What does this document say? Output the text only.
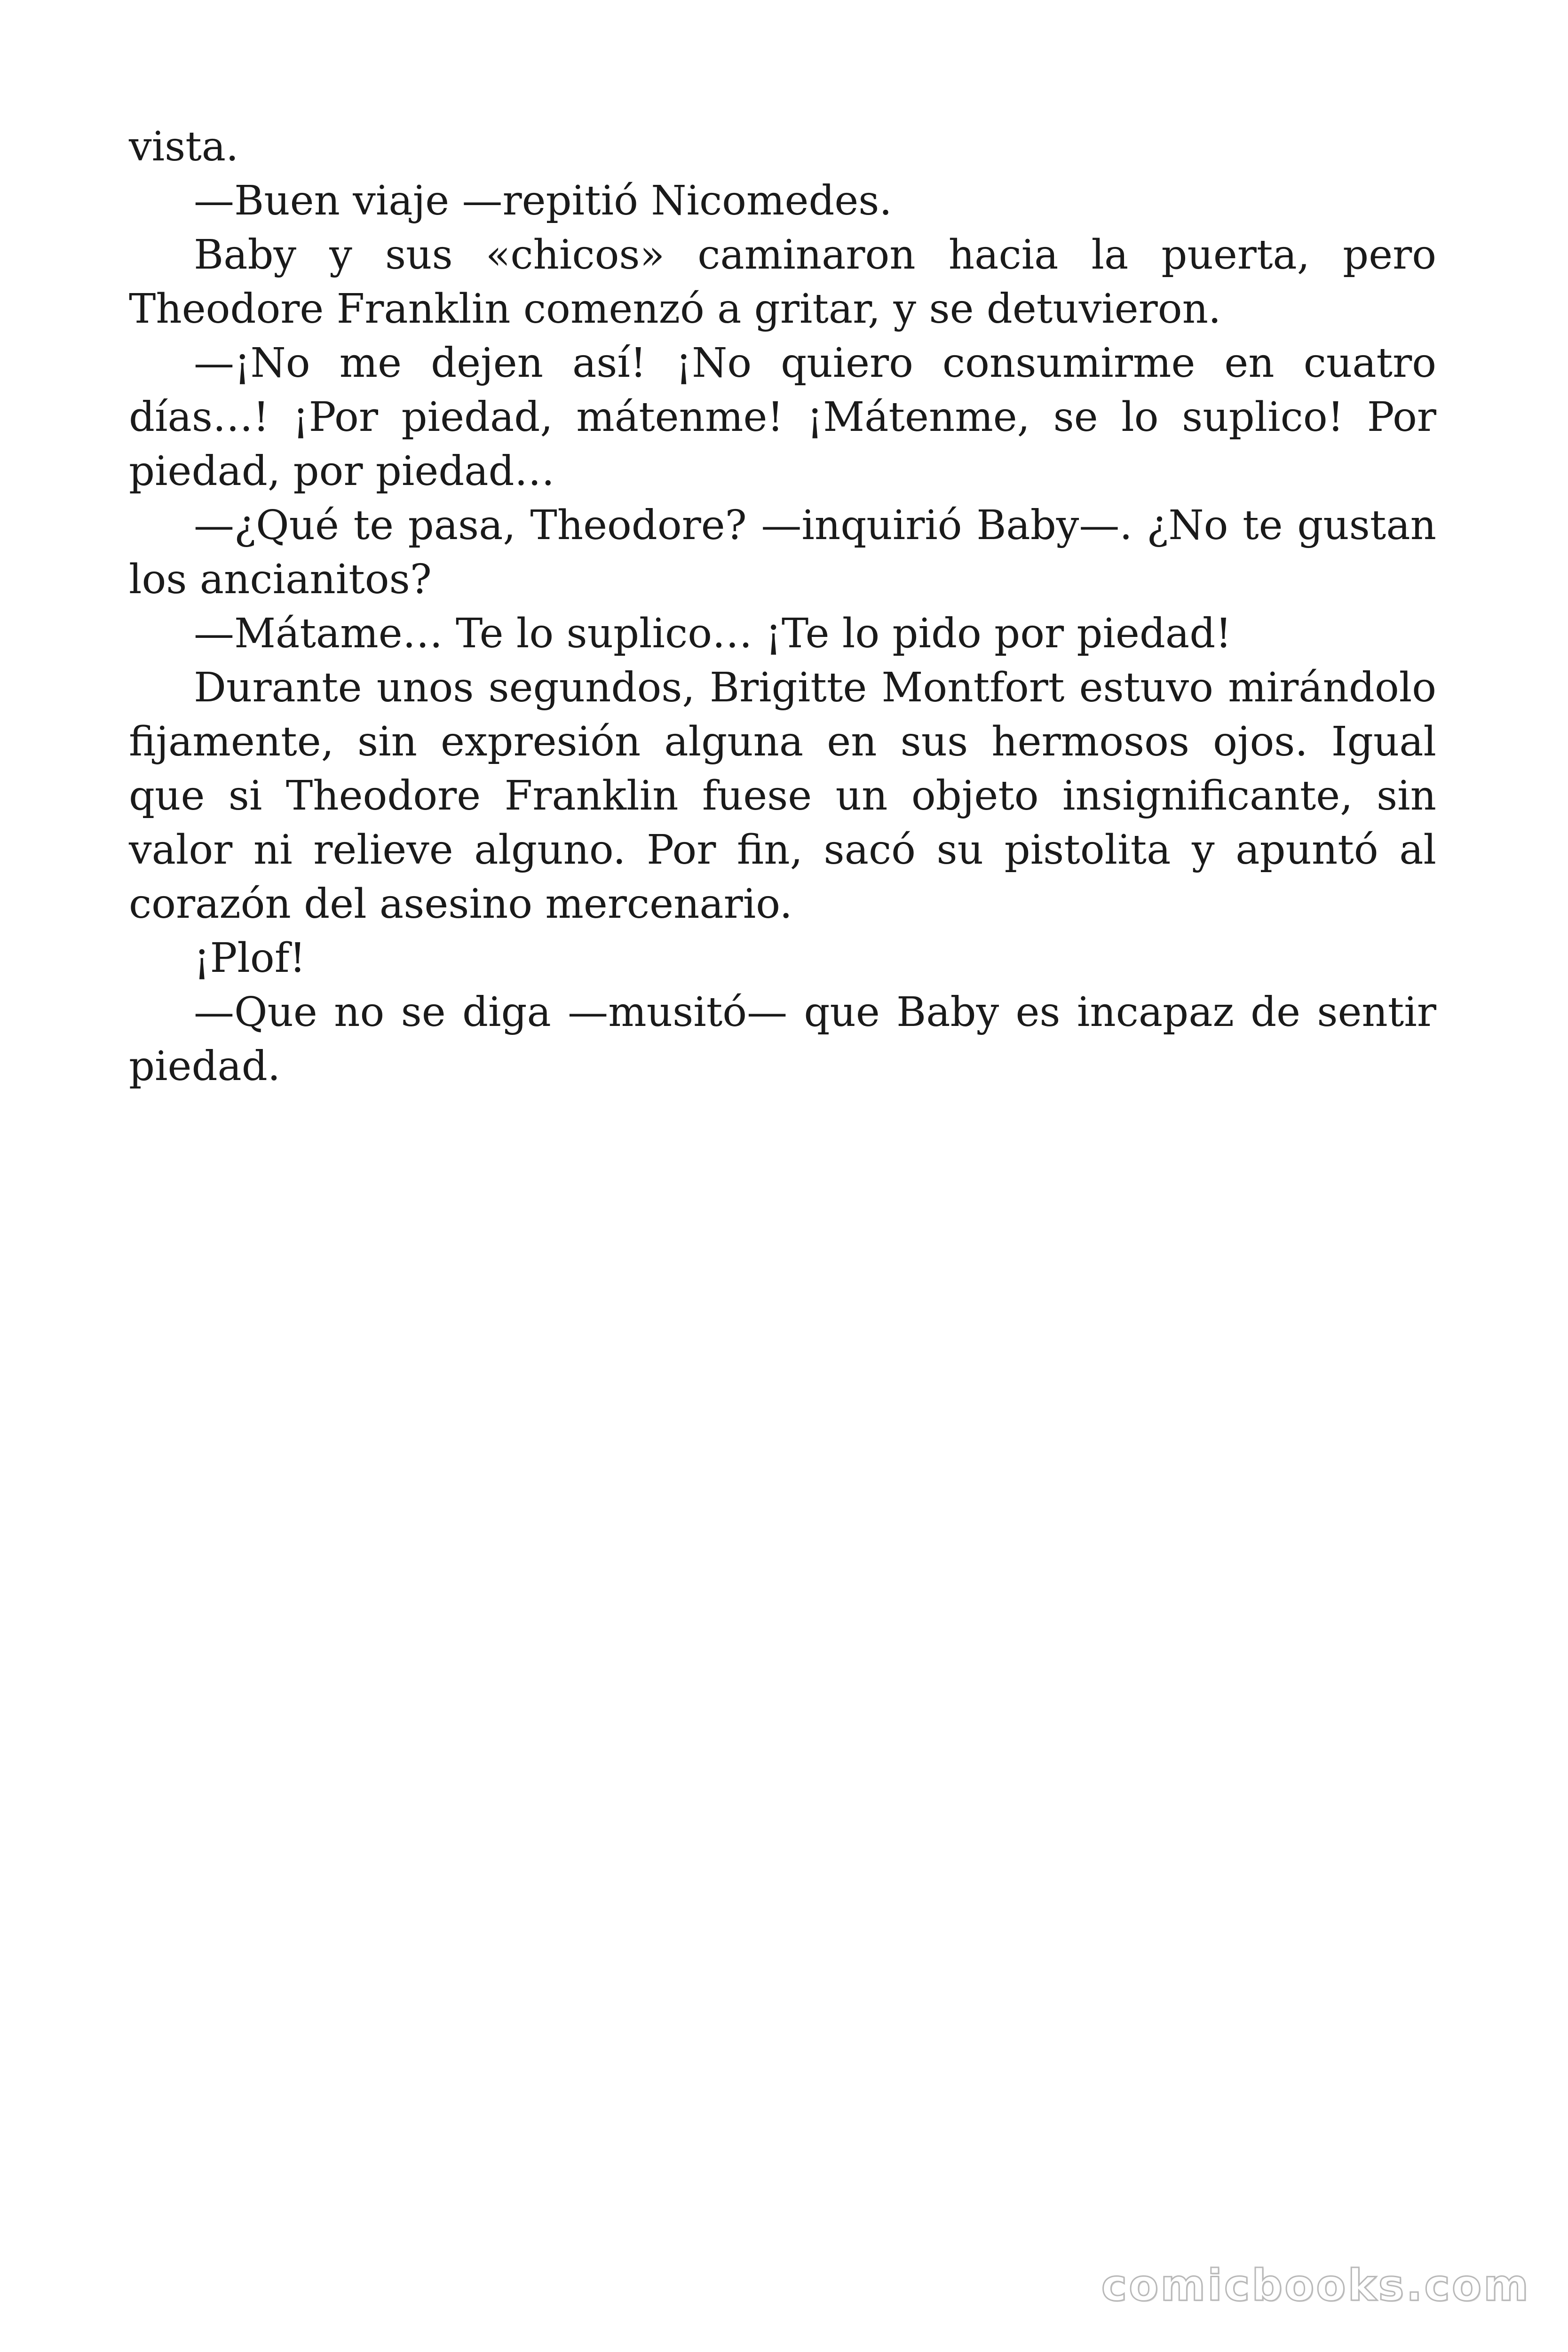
vista.

—Buen viaje —repitió Nicomedes.

Baby y sus «chicos» caminaron hacia la puerta, pero Theodore Franklin comenzó a gritar, y se detuvieron.

—¡No me dejen así! ¡No quiero consumirme en cuatro días…! ¡Por piedad, mátenme! ¡Mátenme, se lo suplico! Por piedad, por piedad…

—¿Qué te pasa, Theodore? —inquirió Baby—. ¿No te gustan los ancianitos?

—Mátame… Te lo suplico… ¡Te lo pido por piedad!

Durante unos segundos, Brigitte Montfort estuvo mirándolo fijamente, sin expresión alguna en sus hermosos ojos. Igual que si Theodore Franklin fuese un objeto insignificante, sin valor ni relieve alguno. Por fin, sacó su pistolita y apuntó al corazón del asesino mercenario.

¡Plof!

—Que no se diga —musitó— que Baby es incapaz de sentir piedad.

comicbooks.com
